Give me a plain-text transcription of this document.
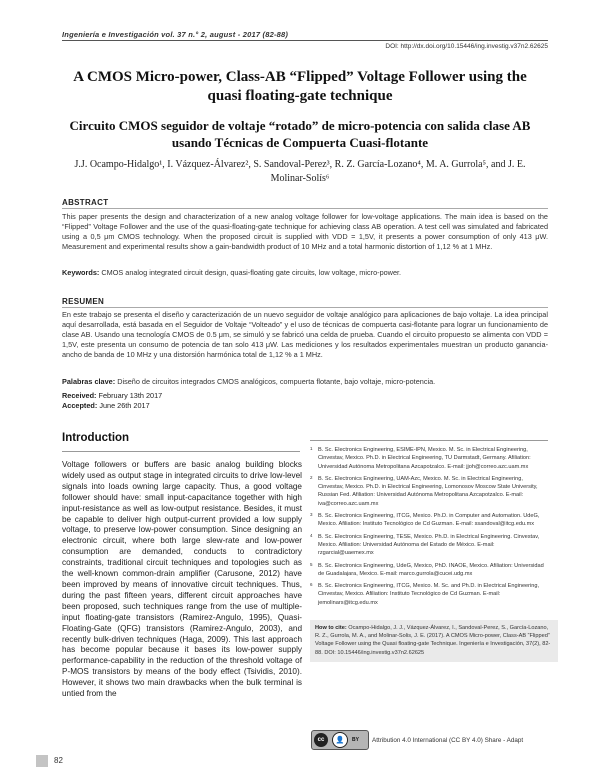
Ingeniería e Investigación vol. 37 n.° 2, august - 2017 (82-88)
DOI: http://dx.doi.org/10.15446/ing.investig.v37n2.62625
A CMOS Micro-power, Class-AB “Flipped” Voltage Follower using the quasi floating-gate technique
Circuito CMOS seguidor de voltaje “rotado” de micro-potencia con salida clase AB usando Técnicas de Compuerta Cuasi-flotante
J.J. Ocampo-Hidalgo¹, I. Vázquez-Álvarez², S. Sandoval-Perez³, R. Z. García-Lozano⁴, M. A. Gurrola⁵, and J. E. Molinar-Solís⁶
ABSTRACT
This paper presents the design and characterization of a new analog voltage follower for low-voltage applications. The main idea is based on the “Flipped” Voltage Follower and the use of the quasi-floating-gate technique for achieving class AB operation. A test cell was simulated and fabricated using a 0,5 μm CMOS technology. When the proposed circuit is supplied with VDD = 1,5V, it presents a power consumption of only 413 μW. Measurement and experimental results show a gain-bandwidth product of 10 MHz and a total harmonic distortion of 1,12 % at 1 MHz.
Keywords: CMOS analog integrated circuit design, quasi-floating gate circuits, low voltage, micro-power.
RESUMEN
En este trabajo se presenta el diseño y caracterización de un nuevo seguidor de voltaje analógico para aplicaciones de bajo voltaje. La idea principal aquí desarrollada, está basada en el Seguidor de Voltaje “Volteado” y el uso de técnicas de compuerta casi-flotante para lograr un funcionamiento de clase AB. Usando una tecnología CMOS de 0.5 μm, se simuló y se fabricó una celda de prueba. Cuando el circuito propuesto se alimenta con VDD = 1,5V, este presenta un consumo de potencia de tan solo 413 μW. Las mediciones y los resultados experimentales muestran un producto ganancia-ancho de banda de 10 MHz y una distorsión harmónica total de 1,12 % a 1 MHz.
Palabras clave: Diseño de circuitos integrados CMOS analógicos, compuerta flotante, bajo voltaje, micro-potencia.
Received: February 13th 2017
Accepted: June 26th 2017
Introduction
Voltage followers or buffers are basic analog building blocks widely used as output stage in integrated circuits to drive low-level signals into loads owning large capacity. Thus, a good voltage follower should have: small input-capacitance together with high input-resistance as well as low-output resistance. Besides, it must be capable to deliver high output-current provided a low supply voltage, to preserve low-power consumption. Since designing an electronic circuit, where both large slew-rate and low-power consumption are demanded, conducts to contradictory constraints, traditional circuit techniques and topologies such as the well-known common-drain amplifier (Carusone, 2012) have been improved by means of innovative circuit techniques. Thus, during the past fifteen years, different circuit approaches have been proposed, such techniques range from the use of multiple-input floating-gate transistors (Ramirez-Angulo, 1995), Quasi-Floating-Gate (QFG) transistors (Ramirez-Angulo, 2003), and recently bulk-driven techniques (Haga, 2009). This last approach has become popular because it bases its low-power supply performance-capability in the reduction of the threshold voltage of P-MOS transistors by means of the body effect (Tsividis, 2010). However, it shows two main drawbacks when the bulk terminal is untied from the
1 B. Sc. Electronics Engineering, ESIME-IPN, Mexico. M. Sc. in Electrical Engineering, Cinvestav, Mexico. Ph.D. in Electrical Engineering, TU Darmstadt, Germany. Afiliation: Universidad Autónoma Metropolitana Azcapotzalco. E-mail: jjoh@correo.azc.uam.mx
2 B. Sc. Electronics Engineering, UAM-Azc, Mexico. M. Sc. in Electrical Engineering, Cinvestav, Mexico. Ph.D. in Electrical Engineering, Lomonosov Moscow State University, Russian Fed. Afiliation: Universidad Autónoma Metropolitana Azcapotzalco. E-mail: iva@correo.azc.uam.mx
3 B. Sc. Electronics Engineering, ITCG, Mexico. Ph.D. in Computer and Automation. UdeG, Mexico. Afiliation: Instituto Tecnológico de Cd Guzman. E-mail: ssandoval@itcg.edu.mx
4 B. Sc. Electronics Engineering, TESE, Mexico. Ph.D. in Electrical Engineering. Cinvestav, Mexico. Afiliation: Universidad Autónoma del Estado de México. E-mail: rzgarcial@uaemex.mx
5 B. Sc. Electronics Engineering, UdeG, Mexico, PhD. INAOE, Mexico. Afiliation: Universidad de Guadalajara, Mexico. E-mail: marco.gurrola@cucei.udg.mx
6 B. Sc. Electronics Engineering, ITCG, Mexico. M. Sc. and Ph.D. in Electrical Engineering, Cinvestav, Mexico. Afiliation: Instituto Tecnológico de Cd Guzman. E-mail: jemolinars@itcg.edu.mx
How to cite: Ocampo-Hidalgo, J. J., Vázquez-Álvarez, I., Sandoval-Perez, S., García-Lozano, R. Z., Gurrola, M. A., and Molinar-Solis, J. E. (2017). A CMOS Micro-power, Class-AB “Flipped” Voltage Follower using the Quasi floating-gate Technique. Ingeniería e Investigación, 37(2), 82-88. DOI: 10.15446/ing.investig.v37n2.62625
cc	👤	BY Attribution 4.0 International (CC BY 4.0) Share - Adapt
82
